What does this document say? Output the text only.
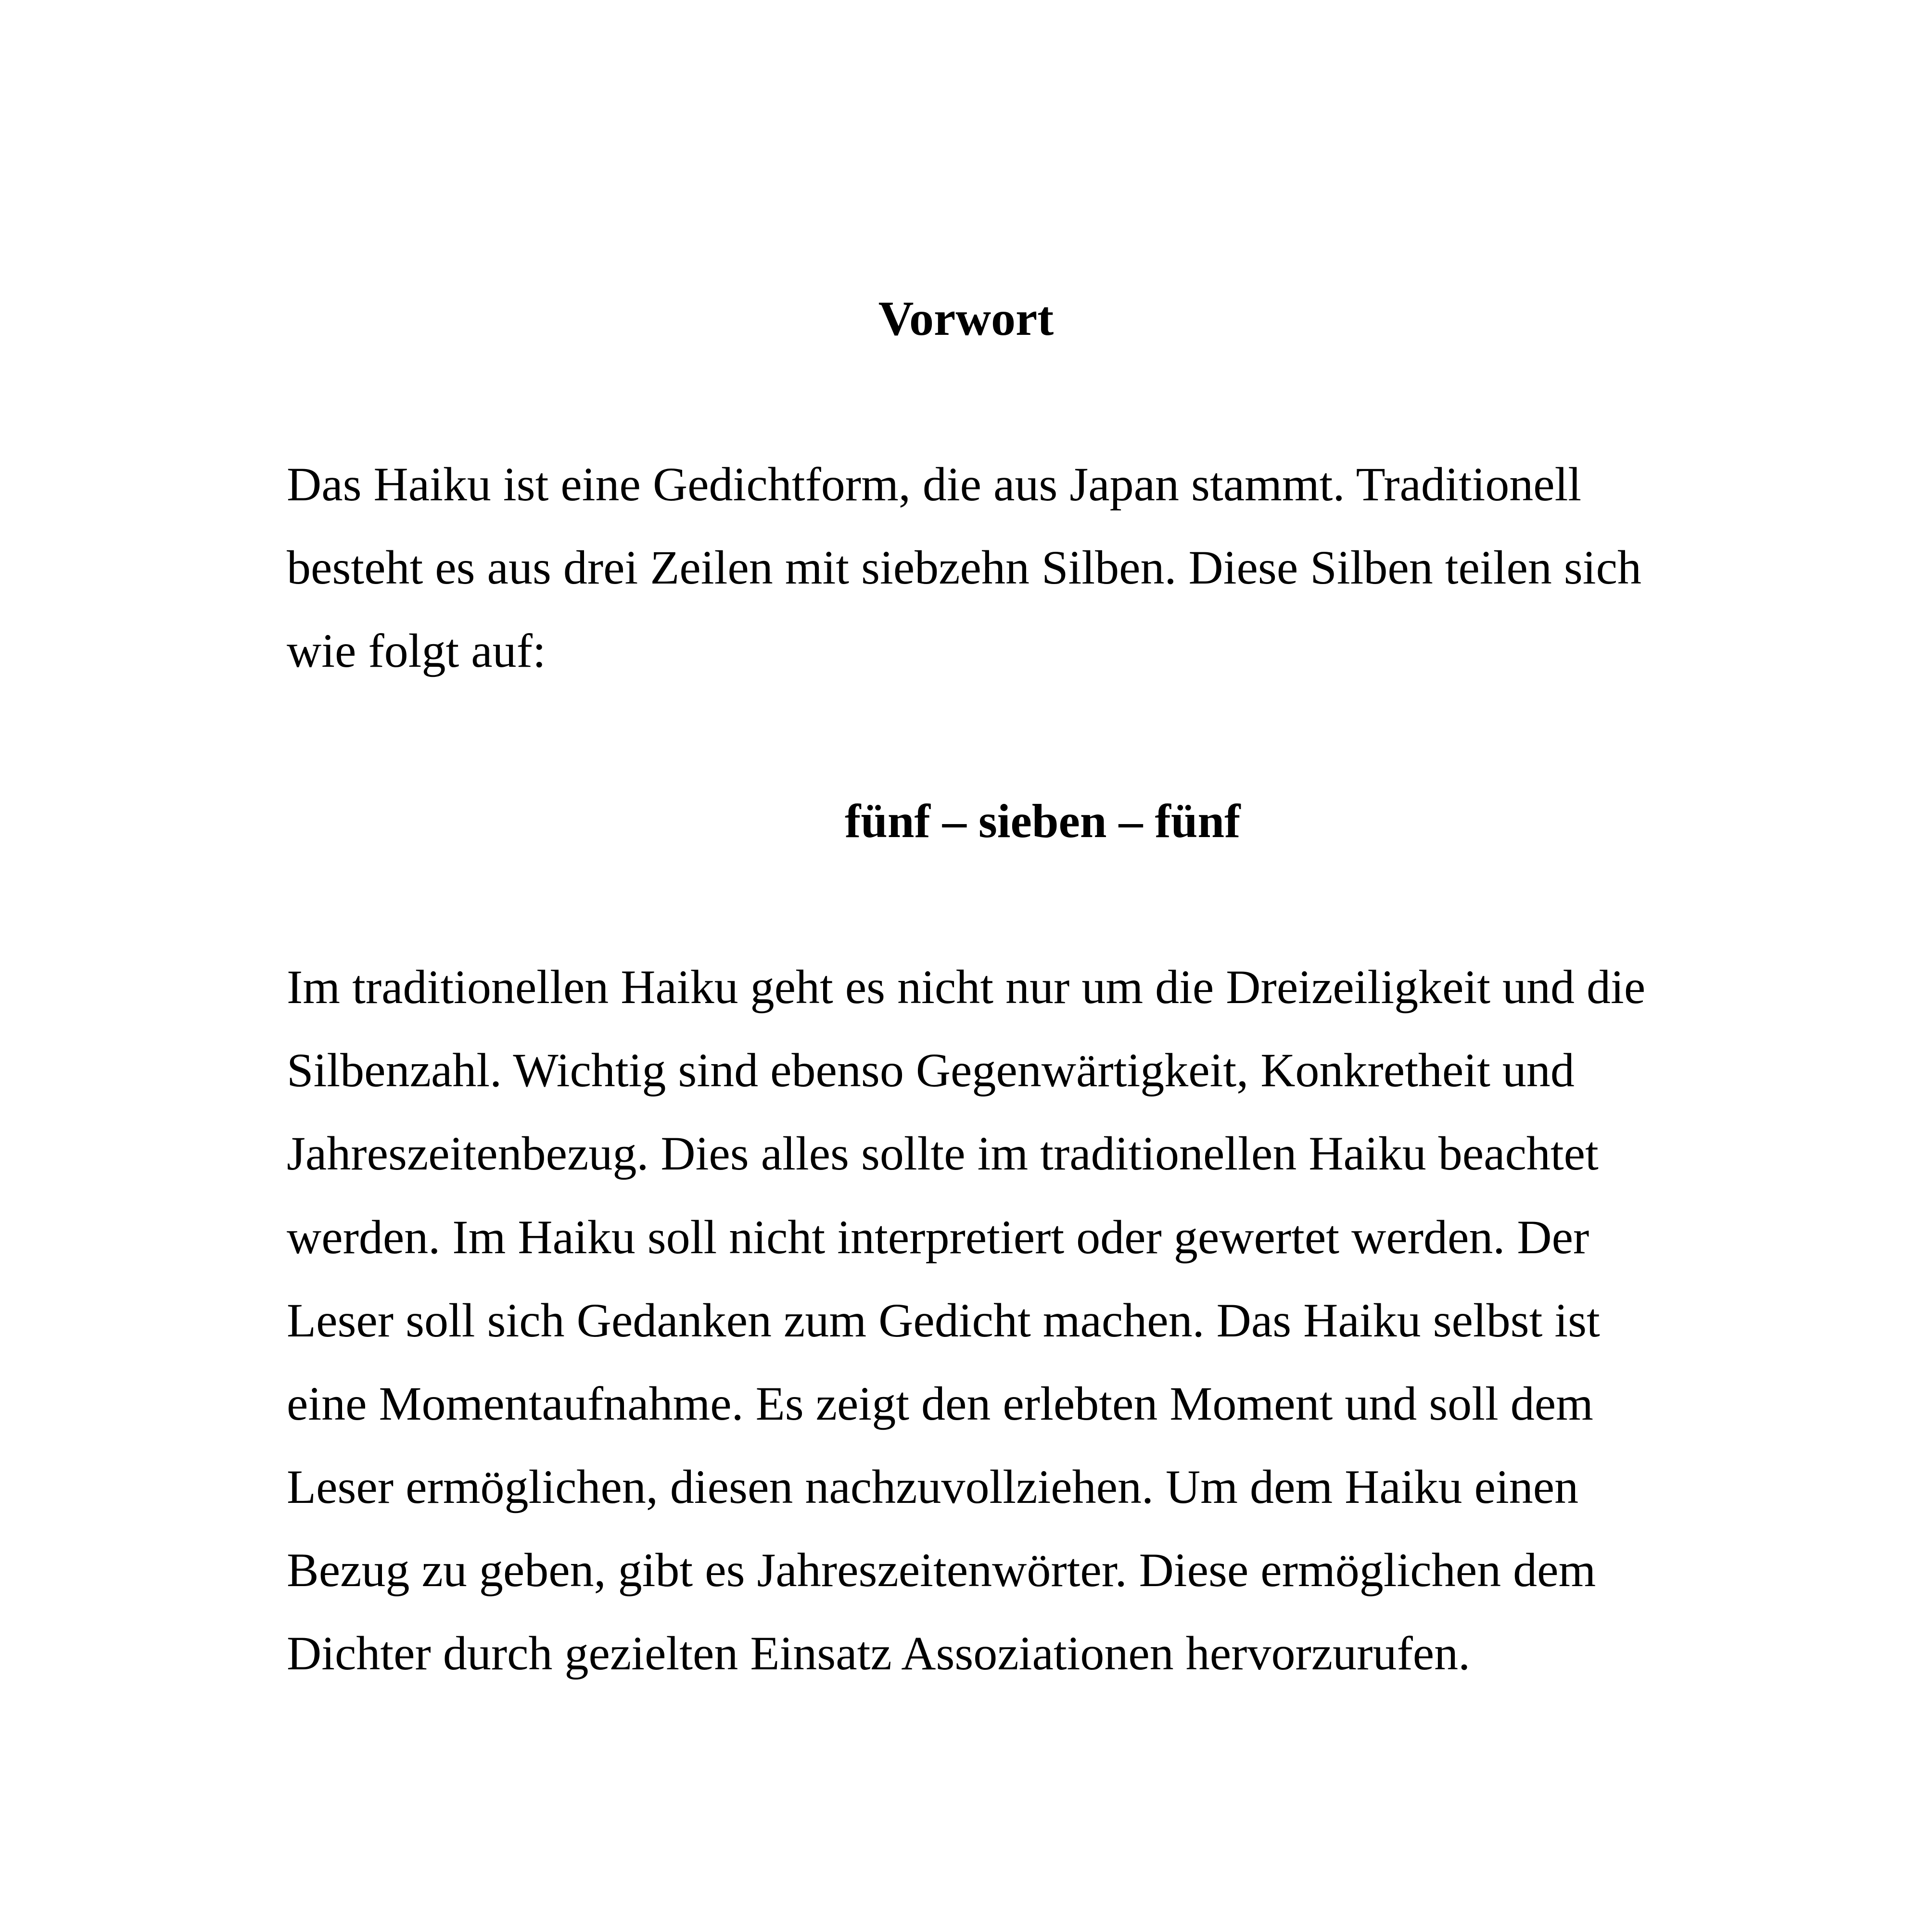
Vorwort

Das Haiku ist eine Gedichtform, die aus Japan stammt. Traditionell

besteht es aus drei Zeilen mit siebzehn Silben. Diese Silben teilen sich

wie folgt auf:

fünf – sieben – fünf

Im traditionellen Haiku geht es nicht nur um die Dreizeiligkeit und die

Silbenzahl. Wichtig sind ebenso Gegenwärtigkeit, Konkretheit und

Jahreszeitenbezug. Dies alles sollte im traditionellen Haiku beachtet

werden. Im Haiku soll nicht interpretiert oder gewertet werden. Der

Leser soll sich Gedanken zum Gedicht machen. Das Haiku selbst ist

eine Momentaufnahme. Es zeigt den erlebten Moment und soll dem

Leser ermöglichen, diesen nachzuvollziehen. Um dem Haiku einen

Bezug zu geben, gibt es Jahreszeitenwörter. Diese ermöglichen dem

Dichter durch gezielten Einsatz Assoziationen hervorzurufen.
